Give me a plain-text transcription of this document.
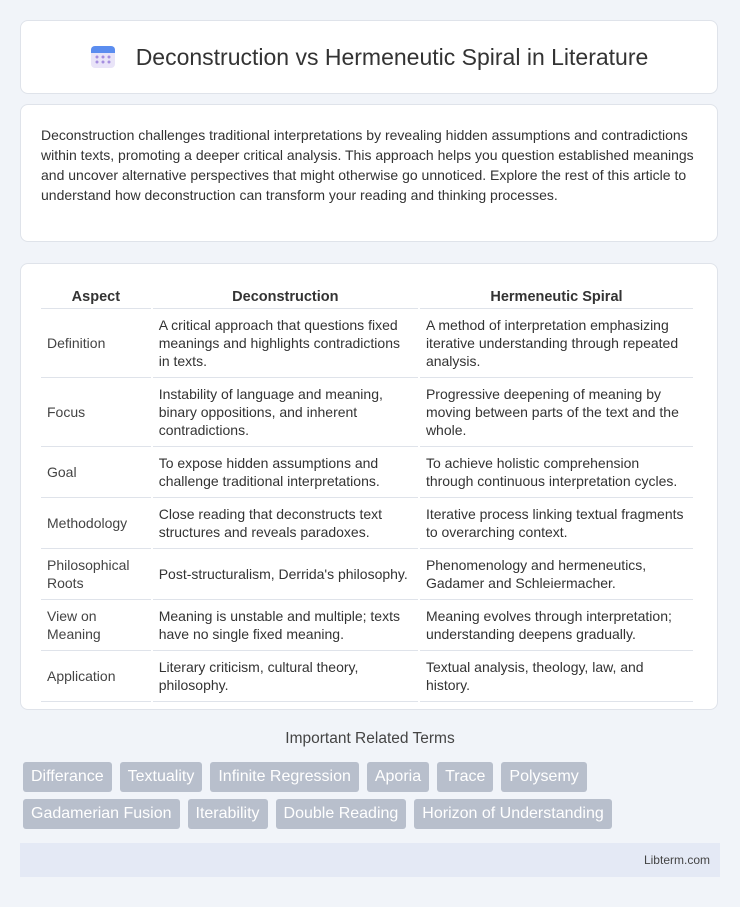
Deconstruction vs Hermeneutic Spiral in Literature

Deconstruction challenges traditional interpretations by revealing hidden assumptions and contradictions within texts, promoting a deeper critical analysis. This approach helps you question established meanings and uncover alternative perspectives that might otherwise go unnoticed. Explore the rest of this article to understand how deconstruction can transform your reading and thinking processes.

Aspect	Deconstruction	Hermeneutic Spiral
Definition	A critical approach that questions fixed meanings and highlights contradictions in texts.	A method of interpretation emphasizing iterative understanding through repeated analysis.
Focus	Instability of language and meaning, binary oppositions, and inherent contradictions.	Progressive deepening of meaning by moving between parts of the text and the whole.
Goal	To expose hidden assumptions and challenge traditional interpretations.	To achieve holistic comprehension through continuous interpretation cycles.
Methodology	Close reading that deconstructs text structures and reveals paradoxes.	Iterative process linking textual fragments to overarching context.
Philosophical Roots	Post-structuralism, Derrida's philosophy.	Phenomenology and hermeneutics, Gadamer and Schleiermacher.
View on Meaning	Meaning is unstable and multiple; texts have no single fixed meaning.	Meaning evolves through interpretation; understanding deepens gradually.
Application	Literary criticism, cultural theory, philosophy.	Textual analysis, theology, law, and history.
Important Related Terms
Differance	Textuality	Infinite Regression	Aporia	Trace	Polysemy
Gadamerian Fusion	Iterability	Double Reading	Horizon of Understanding
Libterm.com
